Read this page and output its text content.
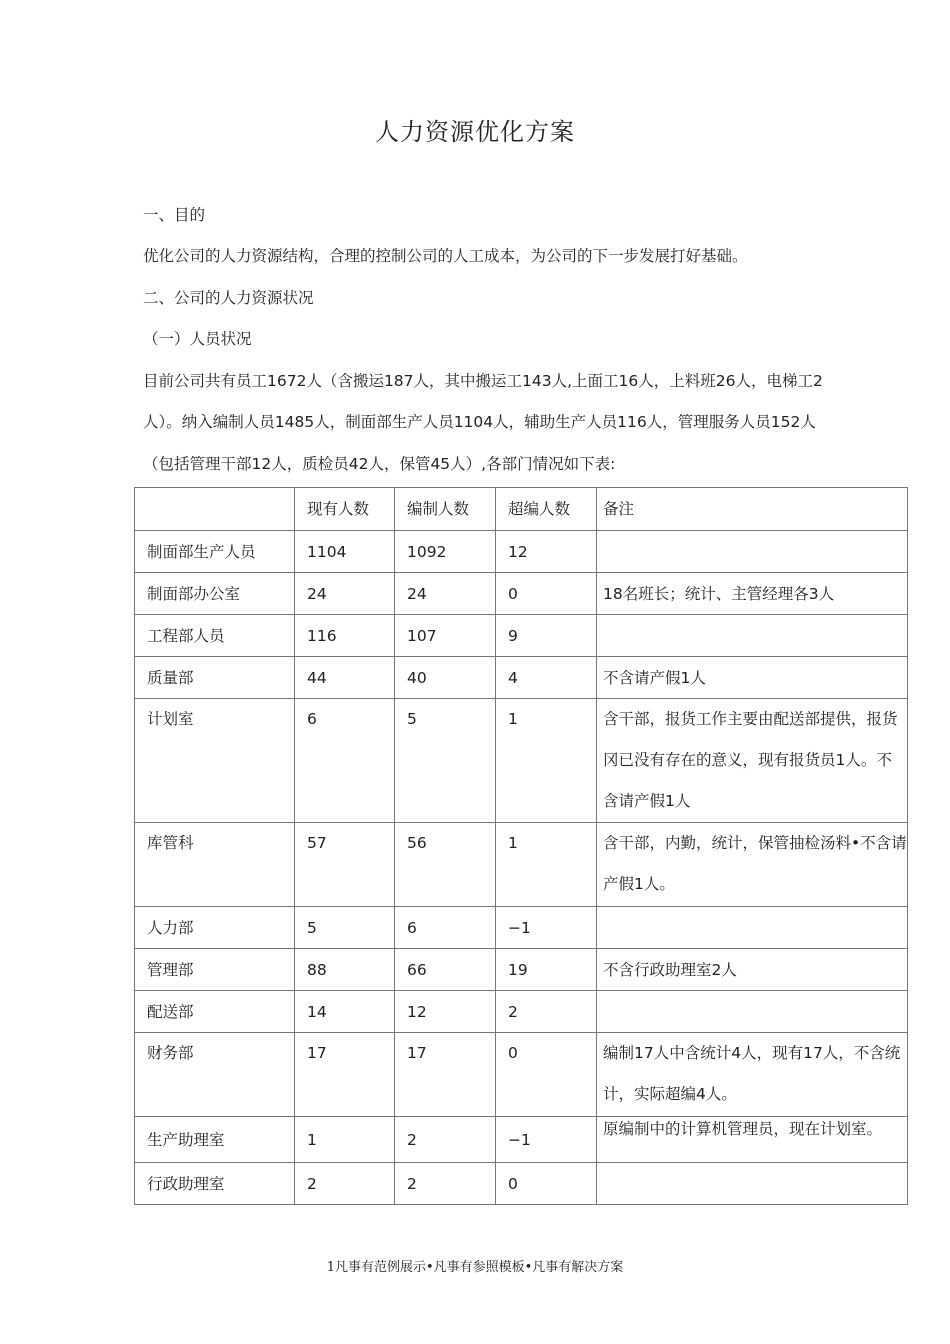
人力资源优化方案
一、目的
优化公司的人力资源结构，合理的控制公司的人工成本，为公司的下一步发展打好基础。
二、公司的人力资源状况
（一）人员状况
目前公司共有员工1672人（含搬运187人，其中搬运工143人,上面工16人，上料班26人，电梯工2
人）。纳入编制人员1485人，制面部生产人员1104人，辅助生产人员116人，管理服务人员152人
（包括管理干部12人，质检员42人，保管45人）,各部门情况如下表:
	现有人数	编制人数	超编人数	备注
制面部生产人员	1104	1092	12	
制面部办公室	24	24	0	18名班长；统计、主管经理各3人
工程部人员	116	107	9	
质量部	44	40	4	不含请产假1人
计划室	6	5	1	含干部，报货工作主要由配送部提供，报货冈已没有存在的意义，现有报货员1人。不含请产假1人
库管科	57	56	1	含干部，内勤，统计，保管抽检汤料•不含请产假1人。
人力部	5	6	−1	
管理部	88	66	19	不含行政助理室2人
配送部	14	12	2	
财务部	17	17	0	编制17人中含统计4人，现有17人，不含统计，实际超编4人。
生产助理室	1	2	−1	原编制中的计算机管理员，现在计划室。
行政助理室	2	2	0	
1凡事有范例展示•凡事有参照模板•凡事有解决方案
